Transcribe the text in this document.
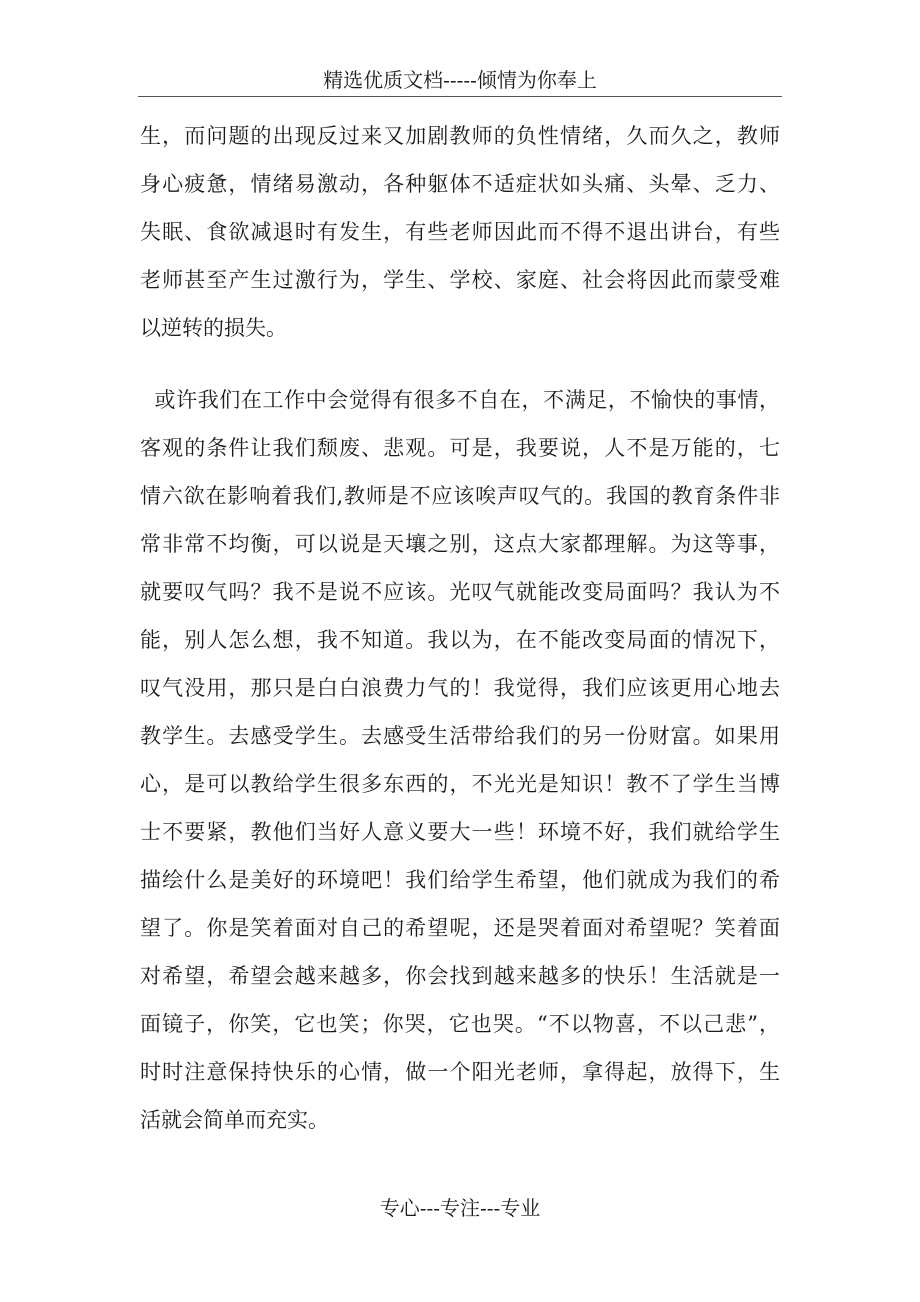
精选优质文档-----倾情为你奉上
生，而问题的出现反过来又加剧教师的负性情绪，久而久之，教师
身心疲惫，情绪易激动，各种躯体不适症状如头痛、头晕、乏力、
失眠、食欲减退时有发生，有些老师因此而不得不退出讲台，有些
老师甚至产生过激行为，学生、学校、家庭、社会将因此而蒙受难
以逆转的损失。
或许我们在工作中会觉得有很多不自在，不满足，不愉快的事情，
客观的条件让我们颓废、悲观。可是，我要说，人不是万能的，七
情六欲在影响着我们,教师是不应该唉声叹气的。我国的教育条件非
常非常不均衡，可以说是天壤之别，这点大家都理解。为这等事，
就要叹气吗？我不是说不应该。光叹气就能改变局面吗？我认为不
能，别人怎么想，我不知道。我以为，在不能改变局面的情况下，
叹气没用，那只是白白浪费力气的！我觉得，我们应该更用心地去
教学生。去感受学生。去感受生活带给我们的另一份财富。如果用
心，是可以教给学生很多东西的，不光光是知识！教不了学生当博
士不要紧，教他们当好人意义要大一些！环境不好，我们就给学生
描绘什么是美好的环境吧！我们给学生希望，他们就成为我们的希
望了。你是笑着面对自己的希望呢，还是哭着面对希望呢？笑着面
对希望，希望会越来越多，你会找到越来越多的快乐！生活就是一
面镜子，你笑，它也笑；你哭，它也哭。“不以物喜，不以己悲”，
时时注意保持快乐的心情，做一个阳光老师，拿得起，放得下，生
活就会简单而充实。
专心---专注---专业
